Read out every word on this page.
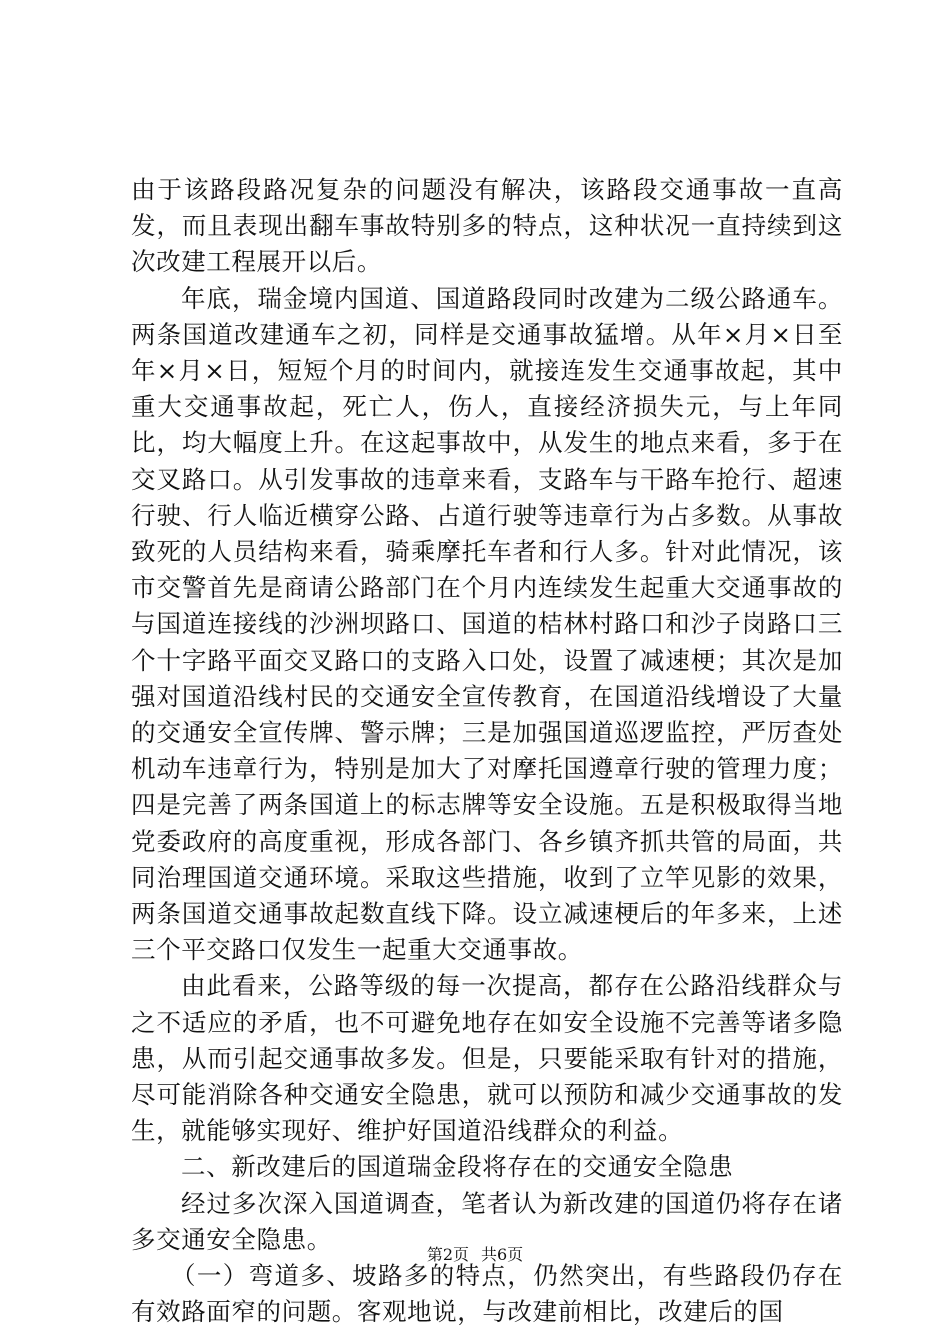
由于该路段路况复杂的问题没有解决，该路段交通事故一直高发，而且表现出翻车事故特别多的特点，这种状况一直持续到这次改建工程展开以后。

年底，瑞金境内国道、国道路段同时改建为二级公路通车。两条国道改建通车之初，同样是交通事故猛增。从年×月×日至年×月×日，短短个月的时间内，就接连发生交通事故起，其中重大交通事故起，死亡人，伤人，直接经济损失元，与上年同比，均大幅度上升。在这起事故中，从发生的地点来看，多于在交叉路口。从引发事故的违章来看，支路车与干路车抢行、超速行驶、行人临近横穿公路、占道行驶等违章行为占多数。从事故致死的人员结构来看，骑乘摩托车者和行人多。针对此情况，该市交警首先是商请公路部门在个月内连续发生起重大交通事故的与国道连接线的沙洲坝路口、国道的桔林村路口和沙子岗路口三个十字路平面交叉路口的支路入口处，设置了减速梗；其次是加强对国道沿线村民的交通安全宣传教育，在国道沿线增设了大量的交通安全宣传牌、警示牌；三是加强国道巡逻监控，严厉查处机动车违章行为，特别是加大了对摩托国遵章行驶的管理力度；四是完善了两条国道上的标志牌等安全设施。五是积极取得当地党委政府的高度重视，形成各部门、各乡镇齐抓共管的局面，共同治理国道交通环境。采取这些措施，收到了立竿见影的效果，两条国道交通事故起数直线下降。设立减速梗后的年多来，上述三个平交路口仅发生一起重大交通事故。

由此看来，公路等级的每一次提高，都存在公路沿线群众与之不适应的矛盾，也不可避免地存在如安全设施不完善等诸多隐患，从而引起交通事故多发。但是，只要能采取有针对的措施，尽可能消除各种交通安全隐患，就可以预防和减少交通事故的发生，就能够实现好、维护好国道沿线群众的利益。

二、新改建后的国道瑞金段将存在的交通安全隐患

经过多次深入国道调查，笔者认为新改建的国道仍将存在诸多交通安全隐患。

（一）弯道多、坡路多的特点，仍然突出，有些路段仍存在有效路面窄的问题。客观地说，与改建前相比，改建后的国

第2页 共6页
